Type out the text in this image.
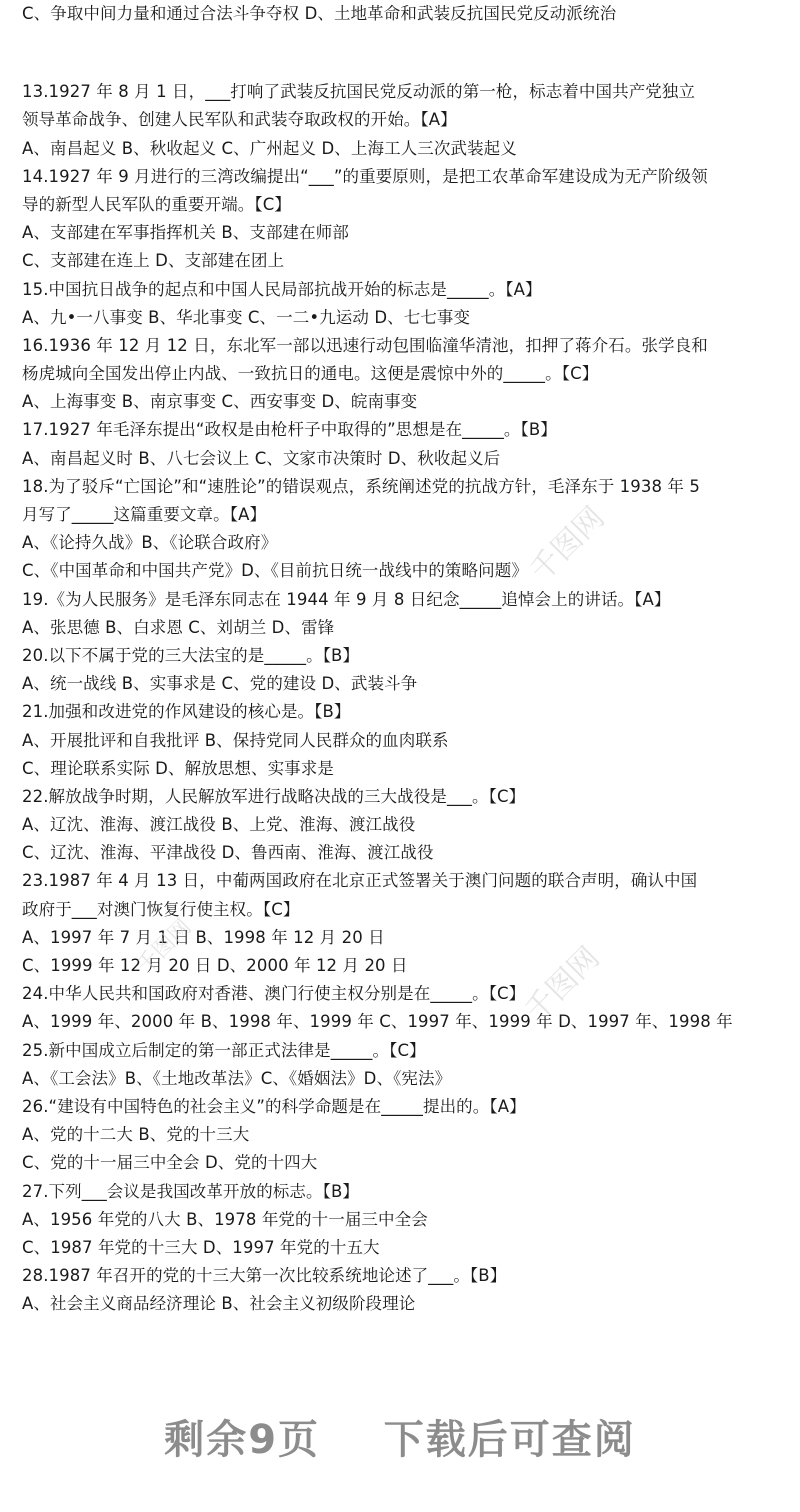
C、争取中间力量和通过合法斗争夺权 D、土地革命和武装反抗国民党反动派统治
13.1927 年 8 月 1 日，___打响了武装反抗国民党反动派的第一枪，标志着中国共产党独立
领导革命战争、创建人民军队和武装夺取政权的开始。【A】
A、南昌起义 B、秋收起义 C、广州起义 D、上海工人三次武装起义
14.1927 年 9 月进行的三湾改编提出“___”的重要原则，是把工农革命军建设成为无产阶级领
导的新型人民军队的重要开端。【C】
A、支部建在军事指挥机关 B、支部建在师部
C、支部建在连上 D、支部建在团上
15.中国抗日战争的起点和中国人民局部抗战开始的标志是_____。【A】
A、九•一八事变 B、华北事变 C、一二•九运动 D、七七事变
16.1936 年 12 月 12 日，东北军一部以迅速行动包围临潼华清池，扣押了蒋介石。张学良和
杨虎城向全国发出停止内战、一致抗日的通电。这便是震惊中外的_____。【C】
A、上海事变 B、南京事变 C、西安事变 D、皖南事变
17.1927 年毛泽东提出“政权是由枪杆子中取得的”思想是在_____。【B】
A、南昌起义时 B、八七会议上 C、文家市决策时 D、秋收起义后
18.为了驳斥“亡国论”和“速胜论”的错误观点，系统阐述党的抗战方针，毛泽东于 1938 年 5
月写了_____这篇重要文章。【A】
A、《论持久战》B、《论联合政府》
C、《中国革命和中国共产党》D、《目前抗日统一战线中的策略问题》
19.《为人民服务》是毛泽东同志在 1944 年 9 月 8 日纪念_____追悼会上的讲话。【A】
A、张思德 B、白求恩 C、刘胡兰 D、雷锋
20.以下不属于党的三大法宝的是_____。【B】
A、统一战线 B、实事求是 C、党的建设 D、武装斗争
21.加强和改进党的作风建设的核心是。【B】
A、开展批评和自我批评 B、保持党同人民群众的血肉联系
C、理论联系实际 D、解放思想、实事求是
22.解放战争时期，人民解放军进行战略决战的三大战役是___。【C】
A、辽沈、淮海、渡江战役 B、上党、淮海、渡江战役
C、辽沈、淮海、平津战役 D、鲁西南、淮海、渡江战役
23.1987 年 4 月 13 日，中葡两国政府在北京正式签署关于澳门问题的联合声明，确认中国
政府于___对澳门恢复行使主权。【C】
A、1997 年 7 月 1 日 B、1998 年 12 月 20 日
C、1999 年 12 月 20 日 D、2000 年 12 月 20 日
24.中华人民共和国政府对香港、澳门行使主权分别是在_____。【C】
A、1999 年、2000 年 B、1998 年、1999 年 C、1997 年、1999 年 D、1997 年、1998 年
25.新中国成立后制定的第一部正式法律是_____。【C】
A、《工会法》B、《土地改革法》C、《婚姻法》D、《宪法》
26.“建设有中国特色的社会主义”的科学命题是在_____提出的。【A】
A、党的十二大 B、党的十三大
C、党的十一届三中全会 D、党的十四大
27.下列___会议是我国改革开放的标志。【B】
A、1956 年党的八大 B、1978 年党的十一届三中全会
C、1987 年党的十三大 D、1997 年党的十五大
28.1987 年召开的党的十三大第一次比较系统地论述了___。【B】
A、社会主义商品经济理论 B、社会主义初级阶段理论
千图网
千图网
千图网
剩余9页    下载后可查阅
